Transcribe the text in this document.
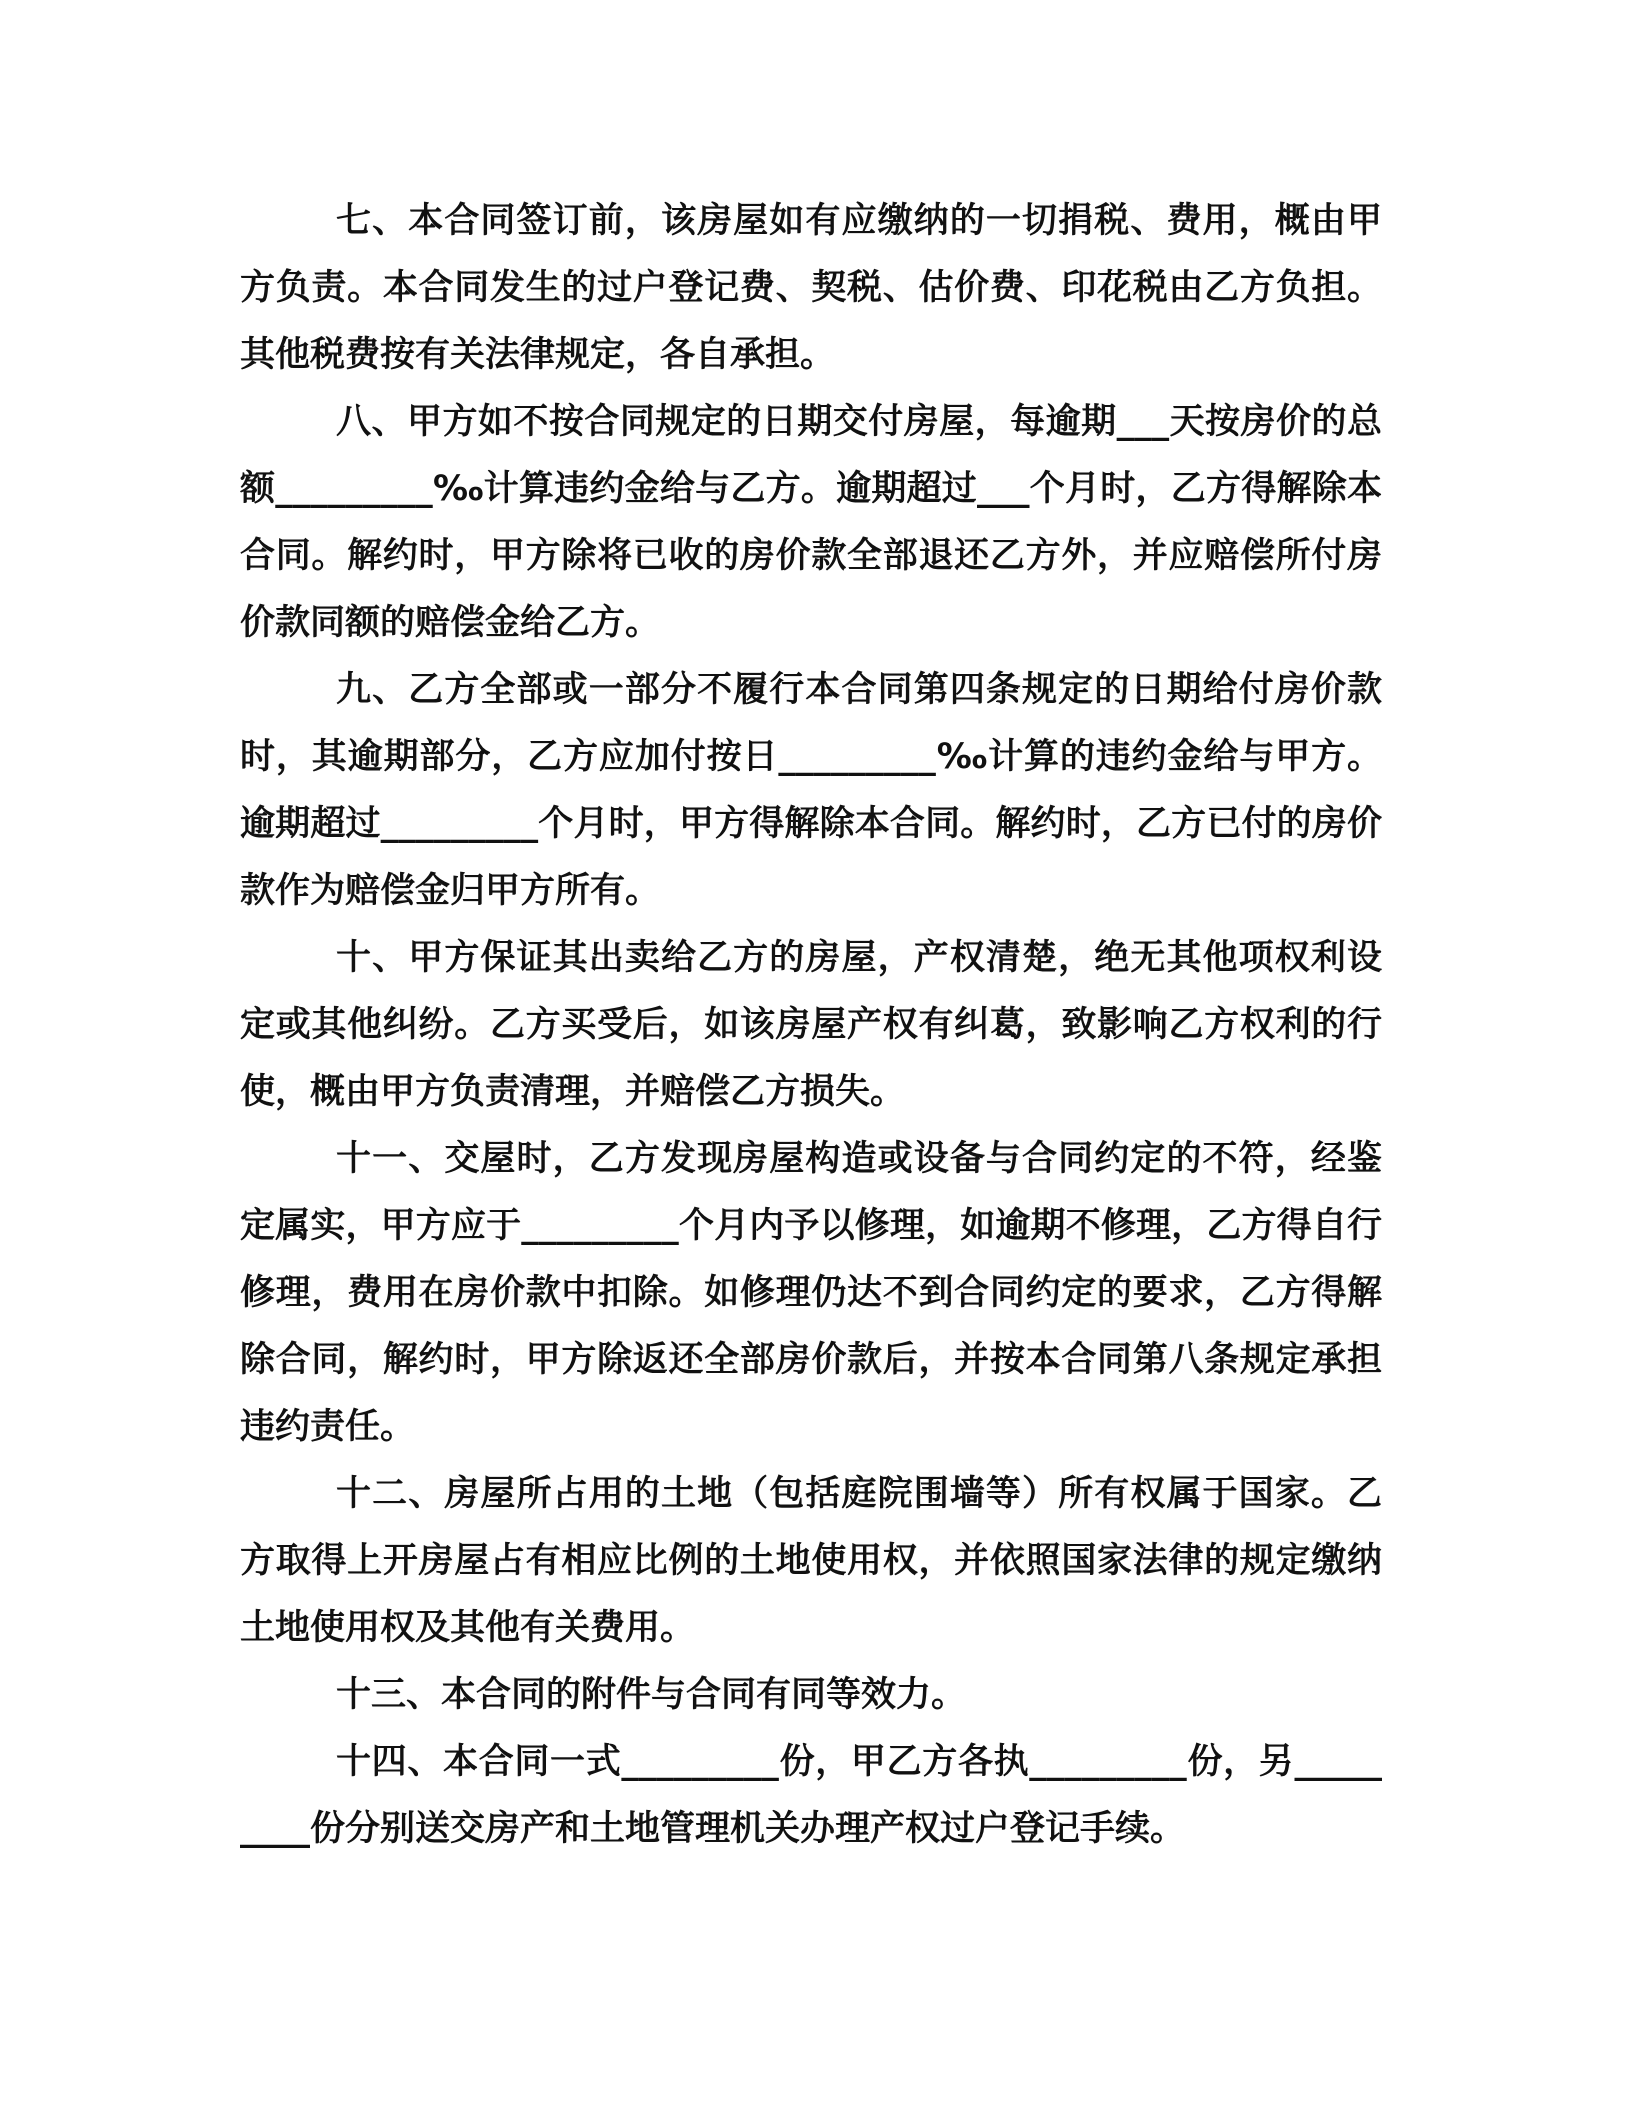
七、本合同签订前，该房屋如有应缴纳的一切捐税、费用，概由甲方负责。本合同发生的过户登记费、契税、估价费、印花税由乙方负担。其他税费按有关法律规定，各自承担。

八、甲方如不按合同规定的日期交付房屋，每逾期___天按房价的总额_________‰计算违约金给与乙方。逾期超过___个月时，乙方得解除本合同。解约时，甲方除将已收的房价款全部退还乙方外，并应赔偿所付房价款同额的赔偿金给乙方。

九、乙方全部或一部分不履行本合同第四条规定的日期给付房价款时，其逾期部分，乙方应加付按日_________‰计算的违约金给与甲方。逾期超过_________个月时，甲方得解除本合同。解约时，乙方已付的房价款作为赔偿金归甲方所有。

十、甲方保证其出卖给乙方的房屋，产权清楚，绝无其他项权利设定或其他纠纷。乙方买受后，如该房屋产权有纠葛，致影响乙方权利的行使，概由甲方负责清理，并赔偿乙方损失。

十一、交屋时，乙方发现房屋构造或设备与合同约定的不符，经鉴定属实，甲方应于_________个月内予以修理，如逾期不修理，乙方得自行修理，费用在房价款中扣除。如修理仍达不到合同约定的要求，乙方得解除合同，解约时，甲方除返还全部房价款后，并按本合同第八条规定承担违约责任。

十二、房屋所占用的土地（包括庭院围墙等）所有权属于国家。乙方取得上开房屋占有相应比例的土地使用权，并依照国家法律的规定缴纳土地使用权及其他有关费用。

十三、本合同的附件与合同有同等效力。

十四、本合同一式_________份，甲乙方各执_________份，另_________份分别送交房产和土地管理机关办理产权过户登记手续。
